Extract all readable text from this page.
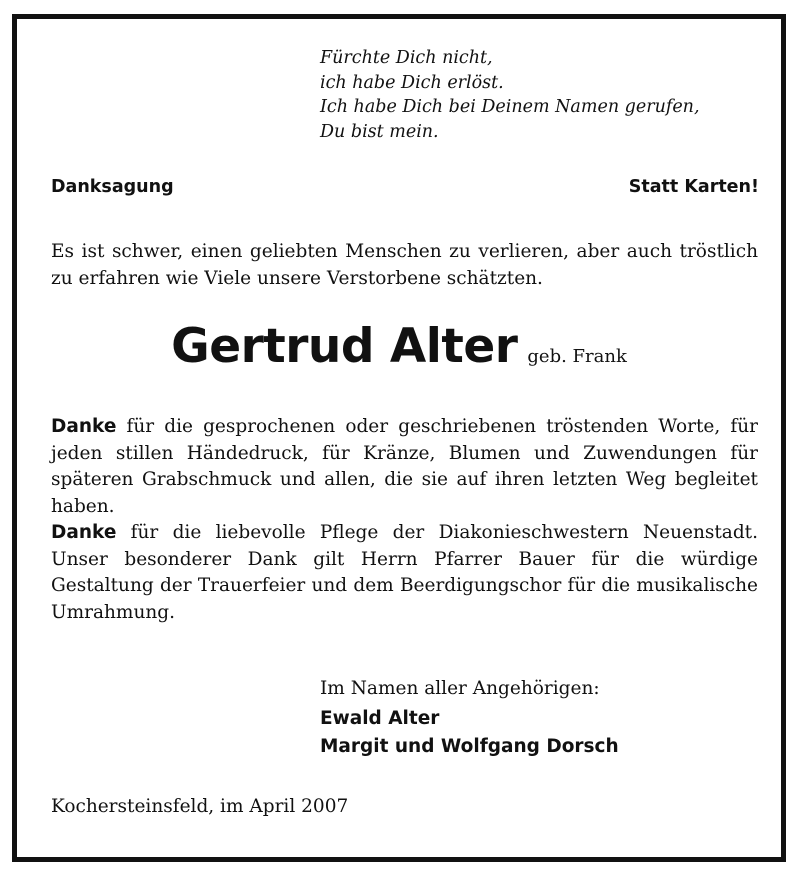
Fürchte Dich nicht,
ich habe Dich erlöst.
Ich habe Dich bei Deinem Namen gerufen,
Du bist mein.
Danksagung	Statt Karten!
Es ist schwer, einen geliebten Menschen zu verlieren, aber auch tröstlich zu erfahren wie Viele unsere Verstorbene schätzten.
Gertrud Alter geb. Frank

Danke für die gesprochenen oder geschriebenen tröstenden Worte, für jeden stillen Händedruck, für Kränze, Blumen und Zuwendungen für späteren Grabschmuck und allen, die sie auf ihren letzten Weg begleitet haben.

Danke für die liebevolle Pflege der Diakonieschwestern Neuenstadt.

Unser besonderer Dank gilt Herrn Pfarrer Bauer für die würdige Gestaltung der Trauerfeier und dem Beerdigungschor für die musikalische Umrahmung.

Im Namen aller Angehörigen:
Ewald Alter
Margit und Wolfgang Dorsch
Kochersteinsfeld, im April 2007
